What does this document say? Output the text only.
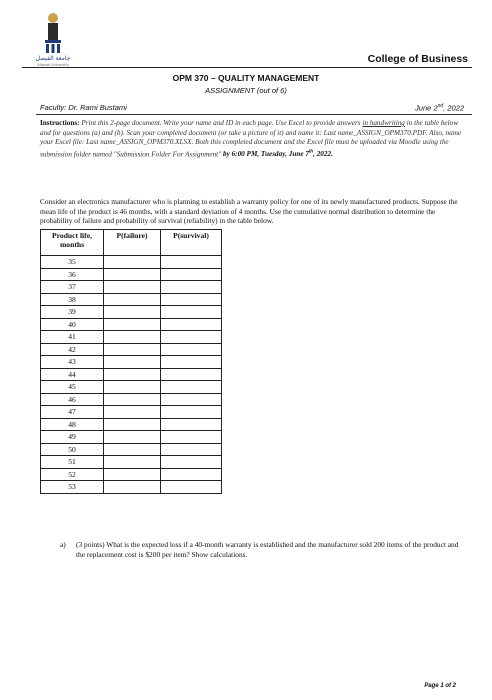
جامعة الفيصل
Alfaisal University	College of Business
OPM 370 – QUALITY MANAGEMENT
ASSIGNMENT (out of 6)
Faculty: Dr. Rami Bustami	June 2nd, 2022
Instructions: Print this 2-page document. Write your name and ID in each page. Use Excel to provide answers in handwriting in the table below and for questions (a) and (b). Scan your completed document (or take a picture of it) and name it: Last name_ASSIGN_OPM370.PDF. Also, name your Excel file: Last name_ASSIGN_OPM370.XLSX. Both this completed document and the Excel file must be uploaded via Moodle using the submission folder named "Submission Folder For Assignment" by 6:00 PM, Tuesday, June 7th, 2022.
Consider an electronics manufacturer who is planning to establish a warranty policy for one of its newly manufactured products. Suppose the mean life of the product is 46 months, with a standard deviation of 4 months. Use the cumulative normal distribution to determine the probability of failure and probability of survival (reliability) in the table below.
Product life, months	P(failure)	P(survival)
35		
36		
37		
38		
39		
40		
41		
42		
43		
44		
45		
46		
47		
48		
49		
50		
51		
52		
53		
a) (3 points) What is the expected loss if a 40-month warranty is established and the manufacturer sold 200 items of the product and the replacement cost is $200 per item? Show calculations.
Page 1 of 2
